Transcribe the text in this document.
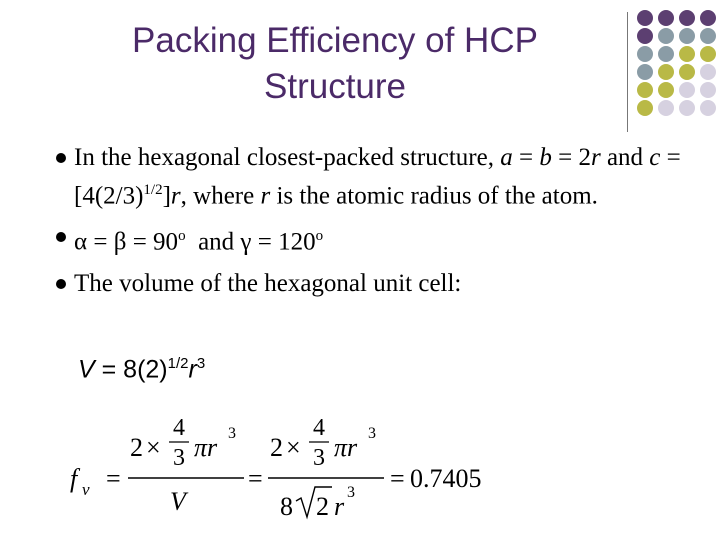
Packing Efficiency of HCP
Structure
In the hexagonal closest-packed structure, a = b = 2r and $c = [4(2/3)^{1/2}]r$, where r is the atomic radius of the atom.
$\alpha = \beta = 90^o$  and $\gamma = 120^o$
The volume of the hexagonal unit cell:
$V = 8(2)^{1/2}r^3$
f v =
2 ×
4
3 πr 3
V
=
2 ×
4
3 πr 3
8 2 r 3 = 0.7405
